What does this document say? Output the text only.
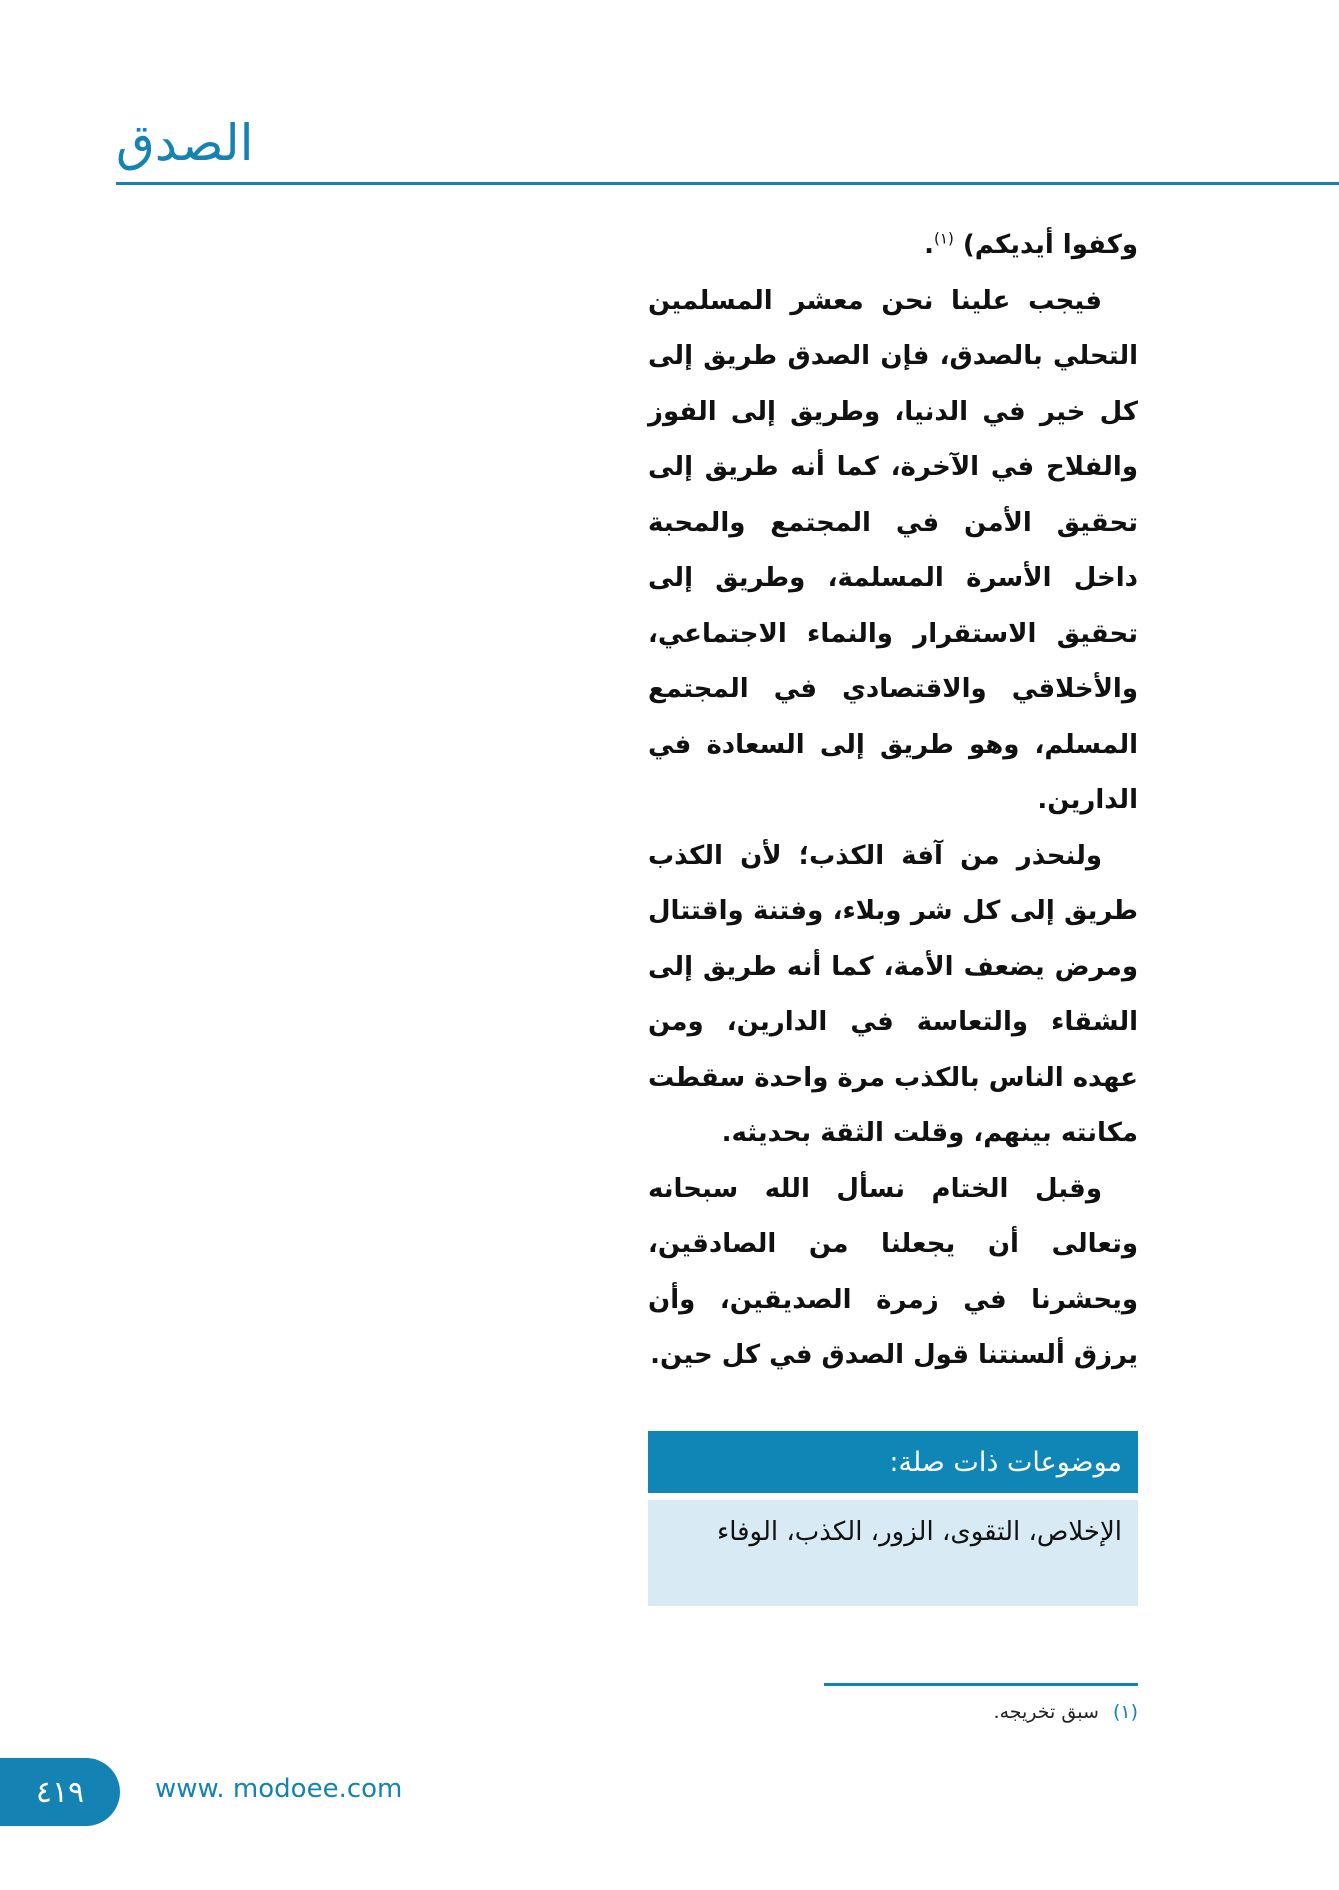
الصدق

وكفوا أيديكم) $^{(١)}$.

فيجب علينا نحن معشر المسلمين التحلي بالصدق، فإن الصدق طريق إلى كل خير في الدنيا، وطريق إلى الفوز والفلاح في الآخرة، كما أنه طريق إلى تحقيق الأمن في المجتمع والمحبة داخل الأسرة المسلمة، وطريق إلى تحقيق الاستقرار والنماء الاجتماعي، والأخلاقي والاقتصادي في المجتمع المسلم، وهو طريق إلى السعادة في الدارين.

ولنحذر من آفة الكذب؛ لأن الكذب طريق إلى كل شر وبلاء، وفتنة واقتتال ومرض يضعف الأمة، كما أنه طريق إلى الشقاء والتعاسة في الدارين، ومن عهده الناس بالكذب مرة واحدة سقطت مكانته بينهم، وقلت الثقة بحديثه.

وقبل الختام نسأل الله سبحانه وتعالى أن يجعلنا من الصادقين، ويحشرنا في زمرة الصديقين، وأن يرزق ألسنتنا قول الصدق في كل حين.

موضوعات ذات صلة:
الإخلاص، التقوى، الزور، الكذب، الوفاء
(١) سبق تخريجه.
٤١٩	www. modoee.com
